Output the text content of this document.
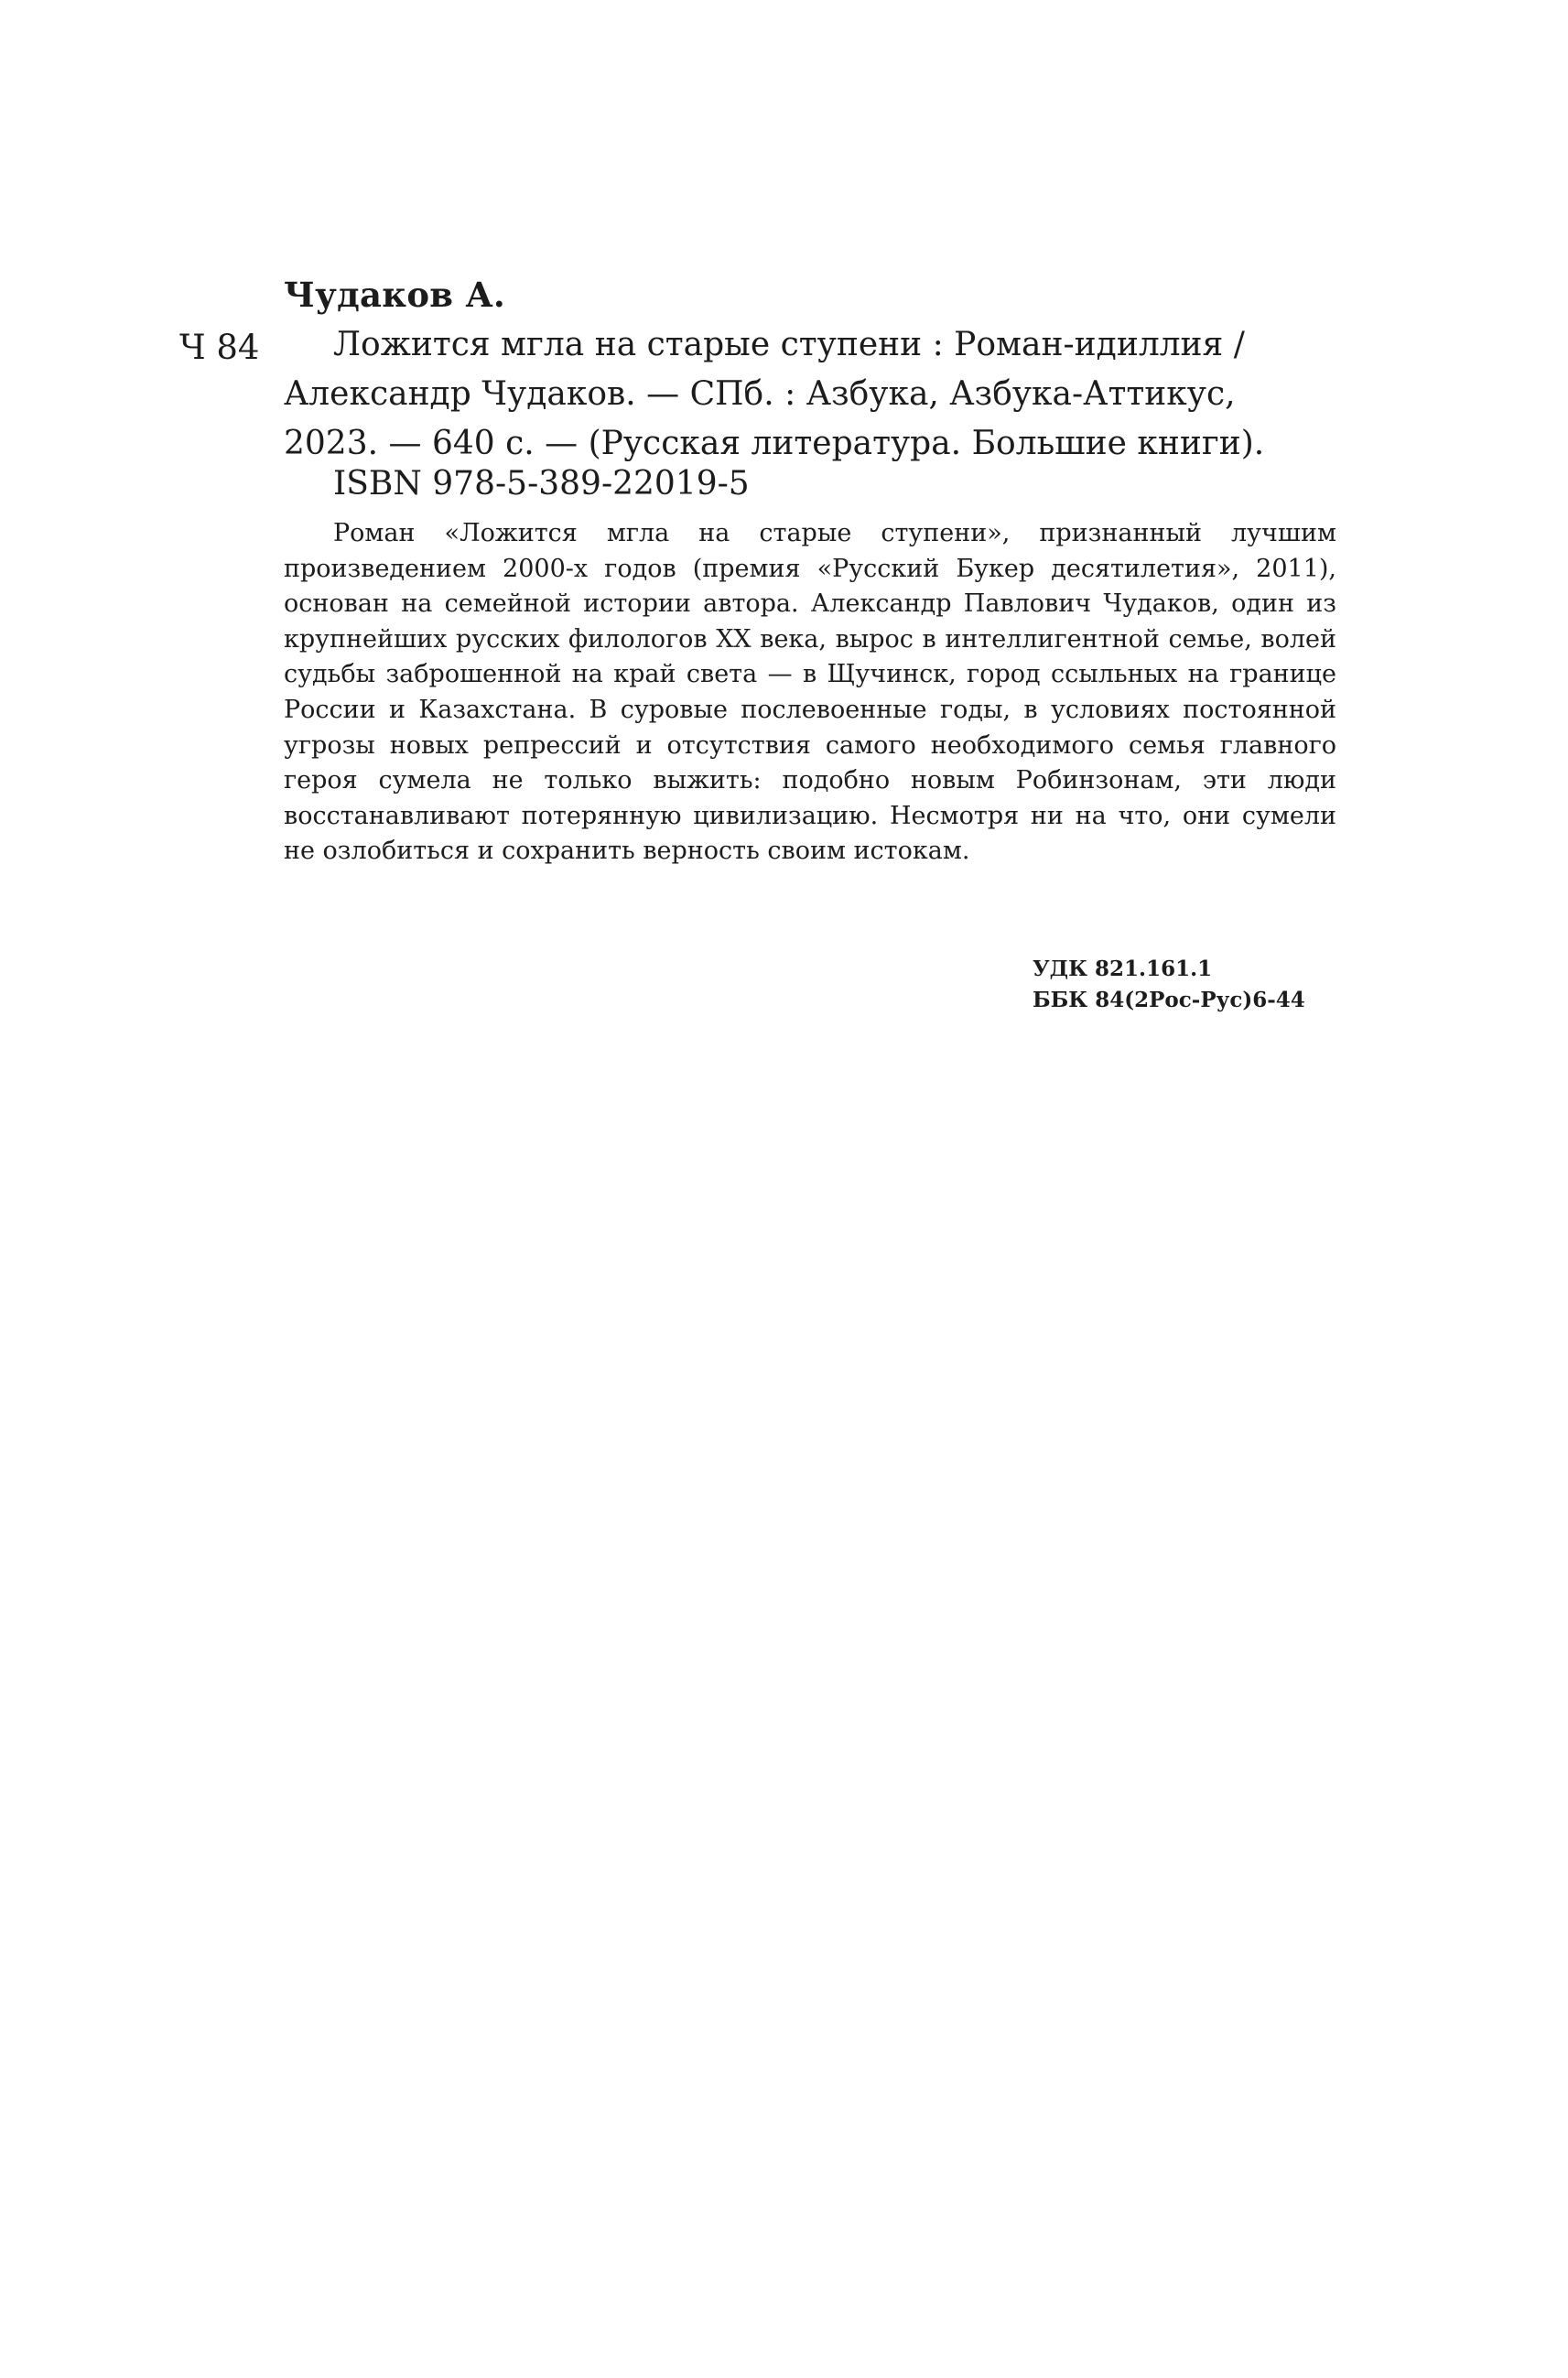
Чудаков А.
Ч 84	Ложится мгла на старые ступени : Роман-идиллия /
Александр Чудаков. — СПб. : Азбука, Азбука-Аттикус, 2023. — 640 с. — (Русская литература. Большие книги).
ISBN 978-5-389-22019-5
Роман «Ложится мгла на старые ступени», признанный лучшим произведением 2000-х годов (премия «Русский Букер десятилетия», 2011), основан на семейной истории автора. Александр Павлович Чудаков, один из крупнейших русских филологов XX века, вырос в интеллигентной семье, волей судьбы заброшенной на край света — в Щучинск, город ссыльных на границе России и Казахстана. В суровые послевоенные годы, в условиях постоянной угрозы новых репрессий и отсутствия самого необходимого семья главного героя сумела не только выжить: подобно новым Робинзонам, эти люди восстанавливают потерянную цивилизацию. Несмотря ни на что, они сумели не озлобиться и сохранить верность своим истокам.
УДК 821.161.1
ББК 84(2Рос-Рус)6-44
